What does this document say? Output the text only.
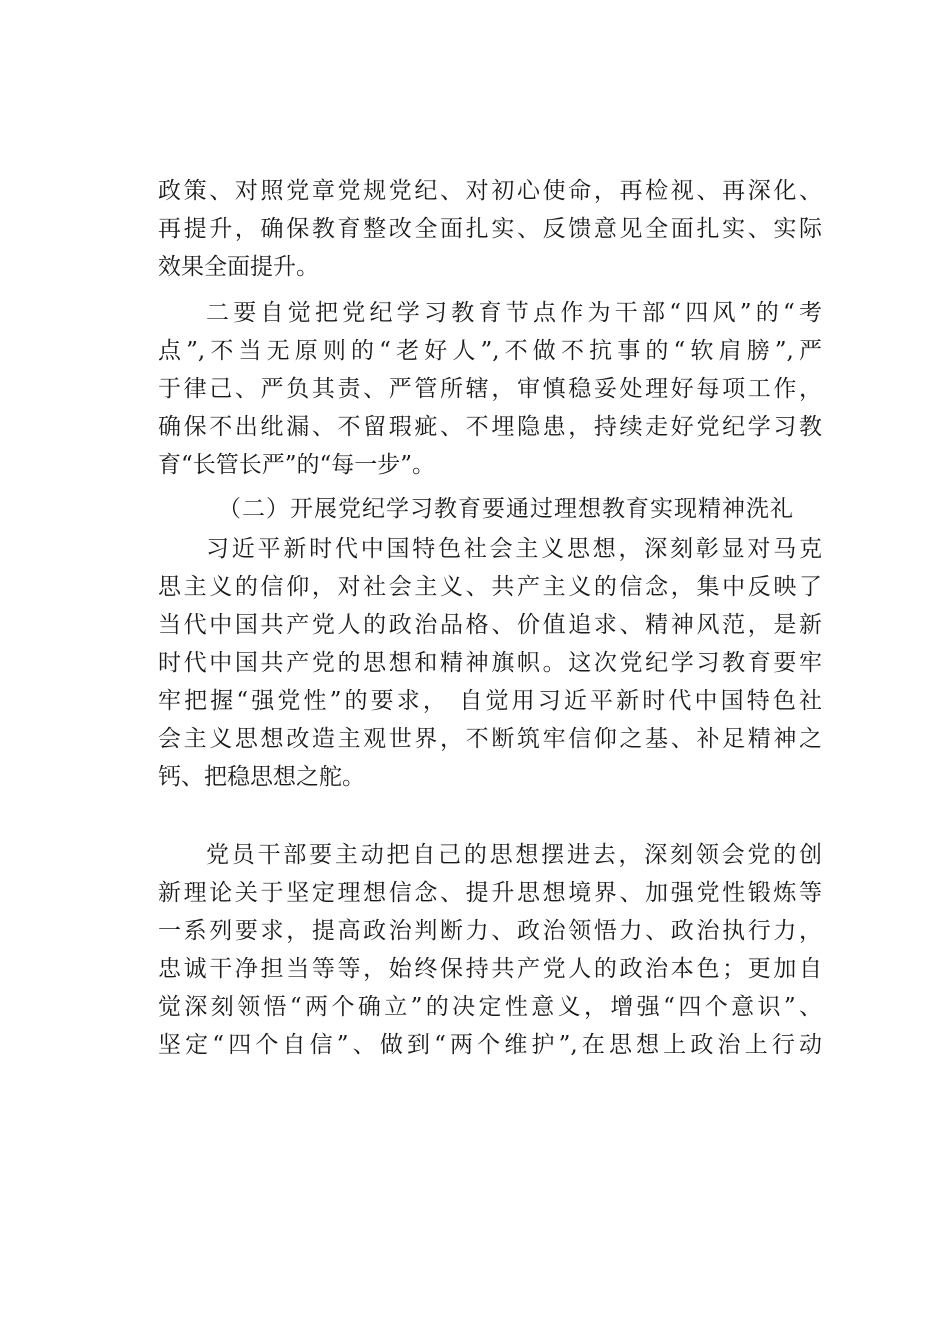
政策、对照党章党规党纪、对初心使命，再检视、再深化、
再提升，确保教育整改全面扎实、反馈意见全面扎实、实际
效果全面提升。
二要自觉把党纪学习教育节点作为干部“四风”的“考
点”,不当无原则的“老好人”,不做不抗事的“软肩膀”,严
于律己、严负其责、严管所辖，审慎稳妥处理好每项工作，
确保不出纰漏、不留瑕疵、不埋隐患，持续走好党纪学习教
育“长管长严”的“每一步”。
（二）开展党纪学习教育要通过理想教育实现精神洗礼
习近平新时代中国特色社会主义思想，深刻彰显对马克
思主义的信仰，对社会主义、共产主义的信念，集中反映了
当代中国共产党人的政治品格、价值追求、精神风范，是新
时代中国共产党的思想和精神旗帜。这次党纪学习教育要牢
牢把握“强党性”的要求， 自觉用习近平新时代中国特色社
会主义思想改造主观世界，不断筑牢信仰之基、补足精神之
钙、把稳思想之舵。
党员干部要主动把自己的思想摆进去，深刻领会党的创
新理论关于坚定理想信念、提升思想境界、加强党性锻炼等
一系列要求，提高政治判断力、政治领悟力、政治执行力，
忠诚干净担当等等，始终保持共产党人的政治本色；更加自
觉深刻领悟“两个确立”的决定性意义，增强“四个意识”、
坚定“四个自信”、做到“两个维护”,在思想上政治上行动
